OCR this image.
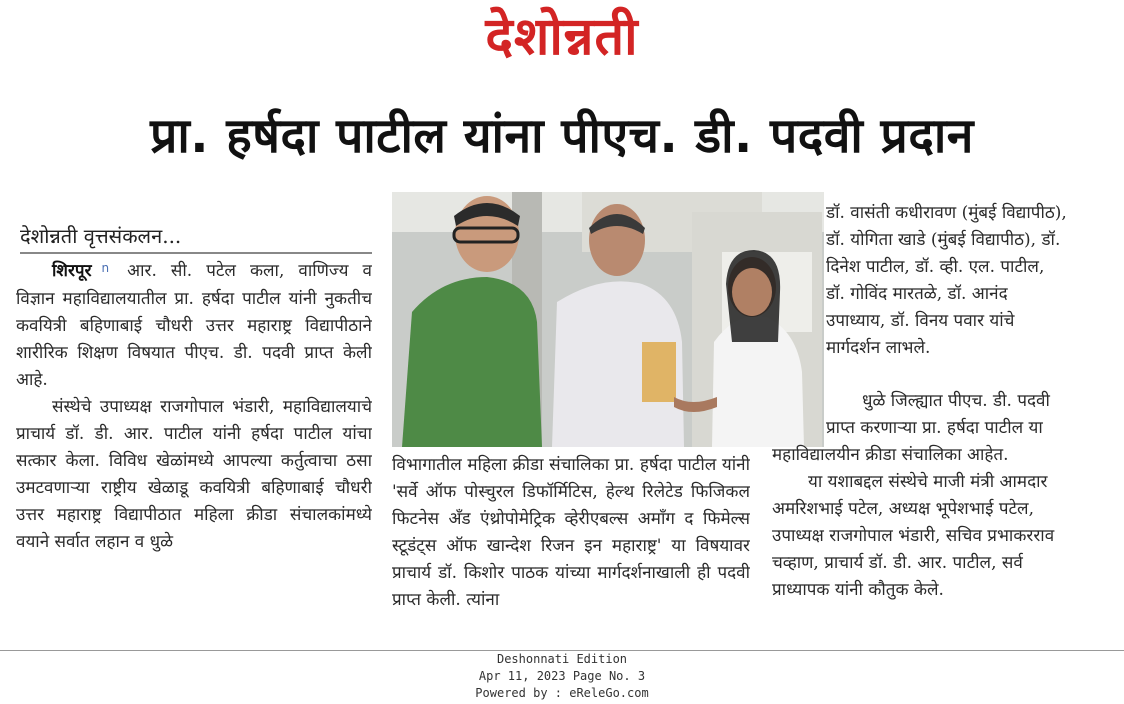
देशोन्नती
प्रा. हर्षदा पाटील यांना पीएच. डी. पदवी प्रदान
देशोन्नती वृत्तसंकलन...

शिरपूर $^n$ आर. सी. पटेल कला, वाणिज्य व विज्ञान महाविद्यालयातील प्रा. हर्षदा पाटील यांनी नुकतीच कवयित्री बहिणाबाई चौधरी उत्तर महाराष्ट्र विद्यापीठाने शारीरिक शिक्षण विषयात पीएच. डी. पदवी प्राप्त केली आहे.

संस्थेचे उपाध्यक्ष राजगोपाल भंडारी, महाविद्यालयाचे प्राचार्य डॉ. डी. आर. पाटील यांनी हर्षदा पाटील यांचा सत्कार केला. विविध खेळांमध्ये आपल्या कर्तुत्वाचा ठसा उमटवणाऱ्या राष्ट्रीय खेळाडू कवयित्री बहिणाबाई चौधरी उत्तर महाराष्ट्र विद्यापीठात महिला क्रीडा संचालकांमध्ये वयाने सर्वात लहान व धुळे

विभागातील महिला क्रीडा संचालिका प्रा. हर्षदा पाटील यांनी 'सर्वे ऑफ पोस्चुरल डिफॉर्मिटिस, हेल्थ रिलेटेड फिजिकल फिटनेस अँड एंथ्रोपोमेट्रिक व्हेरीएबल्स अमाँग द फिमेल्स स्टूडंट्स ऑफ खान्देश रिजन इन महाराष्ट्र' या विषयावर प्राचार्य डॉ. किशोर पाठक यांच्या मार्गदर्शनाखाली ही पदवी प्राप्त केली. त्यांना

डॉ. वासंती कधीरावण (मुंबई विद्यापीठ),

डॉ. योगिता खाडे (मुंबई विद्यापीठ), डॉ.

दिनेश पाटील, डॉ. व्ही. एल. पाटील,

डॉ. गोविंद मारतळे, डॉ. आनंद

उपाध्याय, डॉ. विनय पवार यांचे

मार्गदर्शन लाभले.

धुळे जिल्ह्यात पीएच. डी. पदवी

प्राप्त करणाऱ्या प्रा. हर्षदा पाटील या

महाविद्यालयीन क्रीडा संचालिका आहेत.

या यशाबद्दल संस्थेचे माजी मंत्री आमदार

अमरिशभाई पटेल, अध्यक्ष भूपेशभाई पटेल,

उपाध्यक्ष राजगोपाल भंडारी, सचिव प्रभाकरराव

चव्हाण, प्राचार्य डॉ. डी. आर. पाटील, सर्व

प्राध्यापक यांनी कौतुक केले.

Deshonnati Edition
Apr 11, 2023 Page No. 3
Powered by : eReleGo.com
